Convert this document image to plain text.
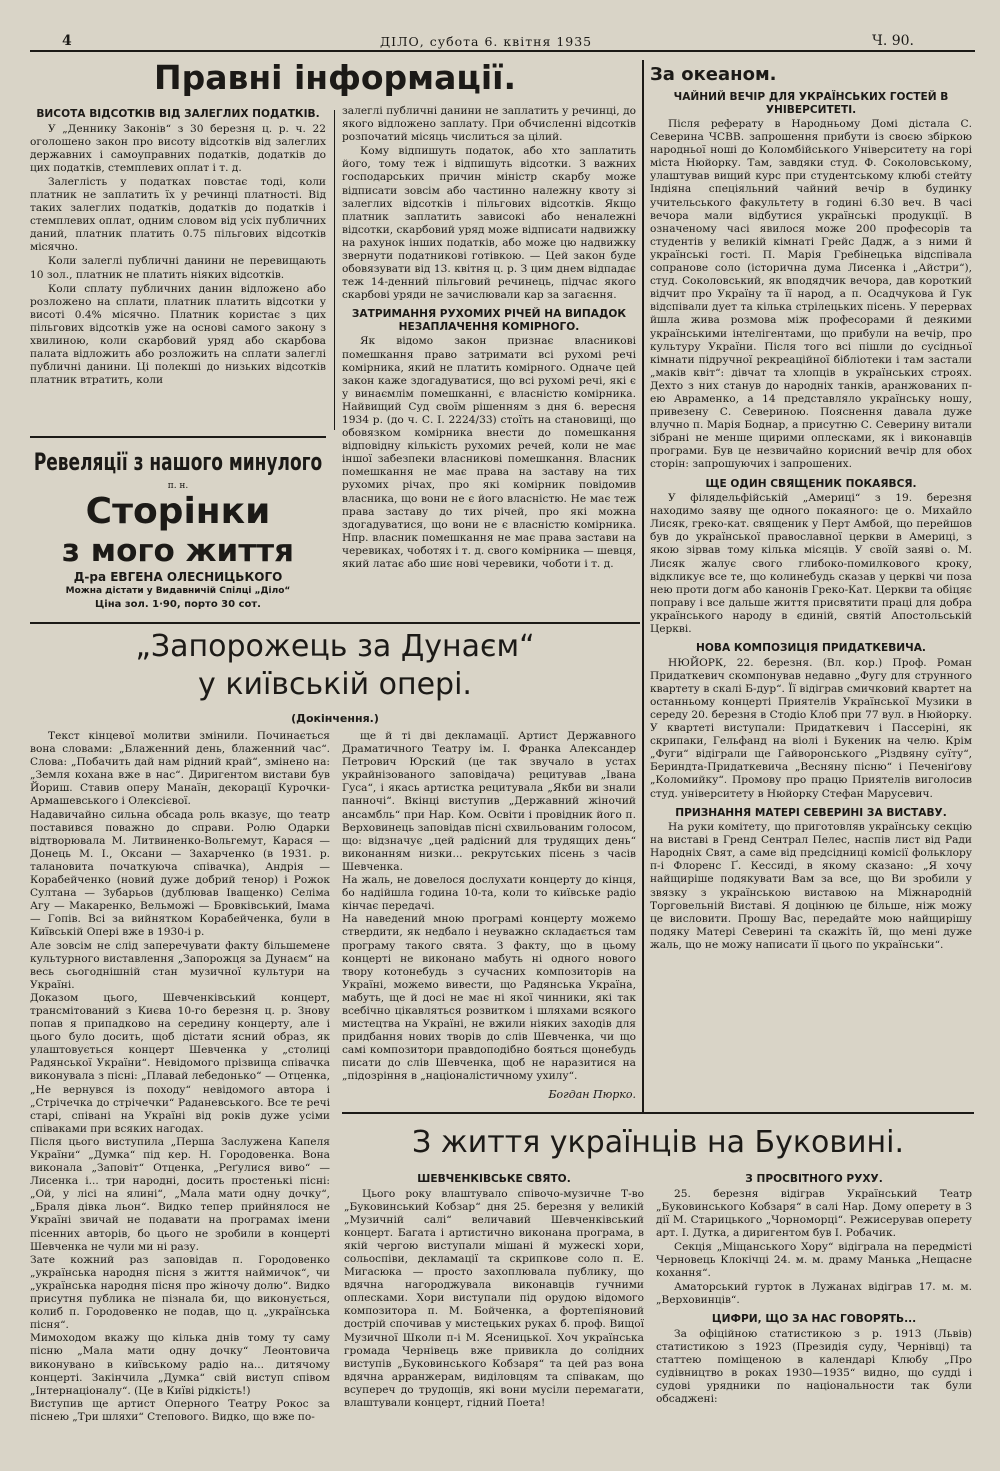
4	ДІЛО, субота 6. квітня 1935	Ч. 90.
Правні інформації.
ВИСОТА ВІДСОТКІВ ВІД ЗАЛЕГЛИХ ПОДАТКІВ.

У „Деннику Законів“ з 30 березня ц. р. ч. 22 оголошено закон про висоту відсотків від залеглих державних і самоуправних податків, додатків до цих податків, стемплевих оплат і т. д.

Залеглість у податках повстає тоді, коли платник не заплатить їх у речинці платності. Від таких залеглих податків, додатків до податків і стемплевих оплат, одним словом від усіх публичних даний, платник платить 0.75 пільгових відсотків місячно.

Коли залеглі публичні данини не перевищають 10 зол., платник не платить ніяких відсотків.

Коли сплату публичних данин відложено або розложено на сплати, платник платить відсотки у висоті 0.4% місячно. Платник користає з цих пільгових відсотків уже на основі самого закону з хвилиною, коли скарбовий уряд або скарбова палата відложить або розложить на сплати залеглі публичні данини. Ці полекші до низьких відсотків платник втратить, коли

залеглі публичні данини не заплатить у речинці, до якого відложено заплату. При обчисленні відсотків розпочатий місяць числиться за цілий.

Кому відпишуть податок, або хто заплатить його, тому теж і відпишуть відсотки. З важних господарських причин міністр скарбу може відписати зовсім або частинно належну квоту зі залеглих відсотків і пільгових відсотків. Якщо платник заплатить зависокі або неналежні відсотки, скарбовий уряд може відписати надвижку на рахунок інших податків, або може цю надвижку звернути податникові готівкою. — Цей закон буде обовязувати від 13. квітня ц. р. З цим днем відпадає теж 14-денний пільговий речинець, підчас якого скарбові уряди не зачислювали кар за загаєння.

ЗАТРИМАННЯ РУХОМИХ РІЧЕЙ НА ВИПАДОК НЕЗАПЛАЧЕННЯ КОМІРНОГО.

Як відомо закон признає власникові помешкання право затримати всі рухомі речі комірника, який не платить комірного. Одначе цей закон каже здогадуватися, що всі рухомі речі, які є у винаємлім помешканні, є власністю комірника. Найвищий Суд своїм рішенням з дня 6. вересня 1934 р. (до ч. С. І. 2224/33) стоїть на становищі, що обовязком комірника внести до помешкання відповідну кількість рухомих речей, коли не має іншої забезпеки власникові помешкання. Власник помешкання не має права на заставу на тих рухомих річах, про які комірник повідомив власника, що вони не є його власністю. Не має теж права заставу до тих річей, про які можна здогадуватися, що вони не є власністю комірника. Нпр. власник помешкання не має права застави на черевиках, чоботях і т. д. свого комірника — шевця, який латає або шиє нові черевики, чоботи і т. д.

Ревеляції з нашого минулого
п. н.
Сторінки
з мого життя
Д-ра ЕВГЕНА ОЛЕСНИЦЬКОГО
Можна дістати у Видавничій Спілці „Діло“
Ціна зол. 1·90, порто 30 сот.
За океаном.
ЧАЙНИЙ ВЕЧІР ДЛЯ УКРАЇНСЬКИХ ГОСТЕЙ В УНІВЕРСИТЕТІ.

Після реферату в Народньому Домі дістала С. Северина ЧСВВ. запрошення прибути із своєю збіркою народньої ноші до Коломбійського Університету на горі міста Нюйорку. Там, завдяки студ. Ф. Соколовському, улаштував вищий курс при студентському клюбі стейту Індіяна спеціяльний чайний вечір в будинку учительського факультету в годині 6.30 веч. В часі вечора мали відбутися українські продукції. В означеному часі явилося може 200 професорів та студентів у великій кімнаті Грейс Дадж, а з ними й українські гості. П. Марія Гребінецька відспівала сопранове соло (історична дума Лисенка і „Айстри“), студ. Соколовський, як вподядчик вечора, дав короткий відчит про Україну та її народ, а п. Осадчукова й Гук відспівали дует та кілька стрілецьких пісень. У перервах йшла жива розмова між професорами й деякими українськими інтелігентами, що прибули на вечір, про культуру України. Після того всі пішли до сусідньої кімнати підручної рекреаційної бібліотеки і там застали „маків квіт“: дівчат та хлопців в українських строях. Дехто з них станув до народніх танків, аранжованих п-ею Авраменко, а 14 представляло українську ношу, привезену С. Севериною. Пояснення давала дуже влучно п. Марія Боднар, а присутню С. Северину витали зібрані не менше щирими оплесками, як і виконавців програми. Був це незвичайно корисний вечір для обох сторін: запрошуючих і запрошених.

ЩЕ ОДИН СВЯЩЕНИК ПОКАЯВСЯ.

У філядельфійській „Америці“ з 19. березня находимо заяву ще одного покаяного: це о. Михайло Лисяк, греко-кат. священик у Перт Амбой, що перейшов був до української православної церкви в Америці, з якою зірвав тому кілька місяців. У своїй заяві о. М. Лисяк жалує свого глибоко-помилкового кроку, відкликує все те, що колинебудь сказав у церкві чи поза нею проти догм або канонів Греко-Кат. Церкви та обіцяє поправу і все дальше життя присвятити праці для добра українського народу в єдиній, святій Апостольській Церкві.

НОВА КОМПОЗИЦІЯ ПРИДАТКЕВИЧА.

НЮЙОРК, 22. березня. (Вл. кор.) Проф. Роман Придаткевич скомпонував недавно „Фугу для струнного квартету в скалі Б-дур“. Її відіграв смичковий квартет на останньому концерті Приятелів Української Музики в середу 20. березня в Стодіо Клоб при 77 вул. в Нюйорку. У квартеті виступали: Придаткевич і Пассеріні, як скрипаки, Гельфанд на віолі і Букеник на челю. Крім „Фуги“ відіграли ще Гайворонського „Різдвяну суїту“, Бериндта-Придаткевича „Весняну пісню“ і Печеніґову „Коломийку“. Промову про працю Приятелів виголосив студ. університету в Нюйорку Стефан Марусевич.

ПРИЗНАННЯ МАТЕРІ СЕВЕРИНІ ЗА ВИСТАВУ.

На руки комітету, що приготовляв українську секцію на виставі в Гренд Сентрал Пелес, наспів лист від Ради Народніх Свят, а саме від предсідниці комісії фольклору п-і Флоренс Ґ. Кессиді, в якому сказано: „Я хочу найщиріше подякувати Вам за все, що Ви зробили у звязку з українською виставою на Міжнародній Торговельній Виставі. Я доцінюю це більше, ніж можу це висловити. Прошу Вас, передайте мою найщирішу подяку Матері Северині та скажіть їй, що мені дуже жаль, що не можу написати її цього по українськи“.

„Запорожець за Дунаєм“
у київській опері.
(Докінчення.)
Текст кінцевої молитви змінили. Починається вона словами: „Блаженний день, блаженний час“. Слова: „Побачить дай нам рідний край“, змінено на: „Земля кохана вже в нас“. Диригентом вистави був Йориш. Ставив оперу Манаїн, декорації Курочки-Армашевського і Олексієвої.
Надавичайно сильна обсада роль вказує, що театр поставився поважно до справи. Ролю Одарки відтворювала М. Литвиненко-Вольгемут, Карася — Донець М. І., Оксани — Захарченко (в 1931. р. талановита початкуюча співачка), Андрія — Корабейченко (новий дуже добрий тенор) і Рожок Султана — Зубарьов (дублював Іващенко) Селіма Агу — Макаренко, Вельможі — Бровківський, Імама — Гопів. Всі за вийнятком Корабейченка, були в Київській Опері вже в 1930-і р.
Але зовсім не слід заперечувати факту більшемене культурного виставлення „Запорожця за Дунаєм“ на весь сьогоднішній стан музичної культури на Україні.
Доказом цього, Шевченківський концерт, трансмітований з Києва 10-го березня ц. р. Знову попав я припадково на середину концерту, але і цього було досить, щоб дістати ясний образ, як улаштовується концерт Шевченка у „столиці Радянської України“. Невідомого прізвища співачка виконувала з пісні: „Плавай лебедонько“ — Отценка, „Не вернувся із походу“ невідомого автора і „Стрічечка до стрічечки“ Раданевського. Все те речі старі, співані на Україні від років дуже усіми співаками при всяких нагодах.
Після цього виступила „Перша Заслужена Капеля України“ „Думка“ під кер. Н. Городовенка. Вона виконала „Заповіт“ Отценка, „Реґулися виво“ — Лисенка і... три народні, досить простенькі пісні: „Ой, у лісі на ялині“, „Мала мати одну дочку“, „Браля дівка льон“. Видко тепер прийнялося не Україні звичай не подавати на програмах імени пісенних авторів, бо цього не зробили в концерті Шевченка не чули ми ні разу.
Зате кожний раз заповідав п. Городовенко „українська народня пісня з життя наймичок“, чи „українська народня пісня про жіночу долю“. Видко присутня публика не пізнала би, що виконується, колиб п. Городовенко не подав, що ц. „українська пісня“.
Мимоходом вкажу що кілька днів тому ту саму пісню „Мала мати одну дочку“ Леонтовича виконувано в київському радіо на... дитячому концерті. Закінчила „Думка“ свій виступ співом „Інтернаціоналу“. (Це в Київі рідкість!)
Виступив ще артист Оперного Театру Рокос за піснею „Три шляхи“ Степового. Видко, що вже по-
ще й ті дві декламації. Артист Державного Драматичного Театру ім. І. Франка Александер Петрович Юрский (це так звучало в устах украйнізованого заповідача) рецитував „Івана Гуса“, і якась артистка рецитувала „Якби ви знали панночі“. Вкінці виступив „Державний жіночий ансамбль“ при Нар. Ком. Освіти і провідник його п. Верховинець заповідав пісні схвильованим голосом, що: відзначує „цей радісний для трудящих день“ виконанням низки... рекрутських пісень з часів Шевченка.
На жаль, не довелося дослухати концерту до кінця, бо надійшла година 10-та, коли то київське радіо кінчає передачі.
На наведений мною програмі концерту можемо ствердити, як недбало і неуважно складається там програму такого свята. З факту, що в цьому концерті не виконано мабуть ні одного нового твору котонебудь з сучасних композиторів на Україні, можемо вивести, що Радянська Україна, мабуть, ще й досі не має ні якої чинники, які так всебічно цікавляться розвитком і шляхами всякого мистецтва на Україні, не вжили ніяких заходів для придбання нових творів до слів Шевченка, чи що самі композитори правдоподібно бояться щонебудь писати до слів Шевченка, щоб не наразитися на „підозріння в „націоналістичному ухилу“.
Богдан Пюрко.
З життя українців на Буковині.
ШЕВЧЕНКІВСЬКЕ СВЯТО.

Цього року влаштувало співочо-музичне Т-во „Буковинський Кобзар“ дня 25. березня у великій „Музичній салі“ величавий Шевченківський концерт. Багата і артистично виконана програма, в якій чергою виступали мішані й мужескі хори, сольоспіви, декламації та скрипкове соло п. Е. Мигасюка — просто захоплювала публику, що вдячна нагороджувала виконавців гучними оплесками. Хори виступали під орудою відомого композитора п. М. Бойченка, а фортепіяновий дострій спочивав у мистецьких руках б. проф. Вищої Музичної Школи п-і М. Ясеницької. Хоч українська громада Чернівець вже привикла до солідних виступів „Буковинського Кобзаря“ та цей раз вона вдячна арранжерам, виділовцям та співакам, що всупереч до трудощів, які вони мусіли перемагати, влаштували концерт, гідний Поета!

З ПРОСВІТНОГО РУХУ.

25. березня відіграв Український Театр „Буковинського Кобзаря“ в салі Нар. Дому оперету в 3 дії М. Старицького „Чорноморці“. Режисерував оперету арт. І. Дутка, а диригентом був І. Робачик.

Секція „Міщанського Хору“ відіграла на передмісті Черновець Клокічці 24. м. м. драму Манька „Нещасне кохання“.

Аматорський гурток в Лужанах відіграв 17. м. м. „Верховинців“.

ЦИФРИ, ЩО ЗА НАС ГОВОРЯТЬ...

За офіційною статистикою з р. 1913 (Львів) статистикою з 1923 (Президія суду, Чернівці) та статтею поміщеною в календарі Клюбу „Про судівництво в роках 1930—1935“ видно, що судді і судові урядники по національности так були обсаджені:
